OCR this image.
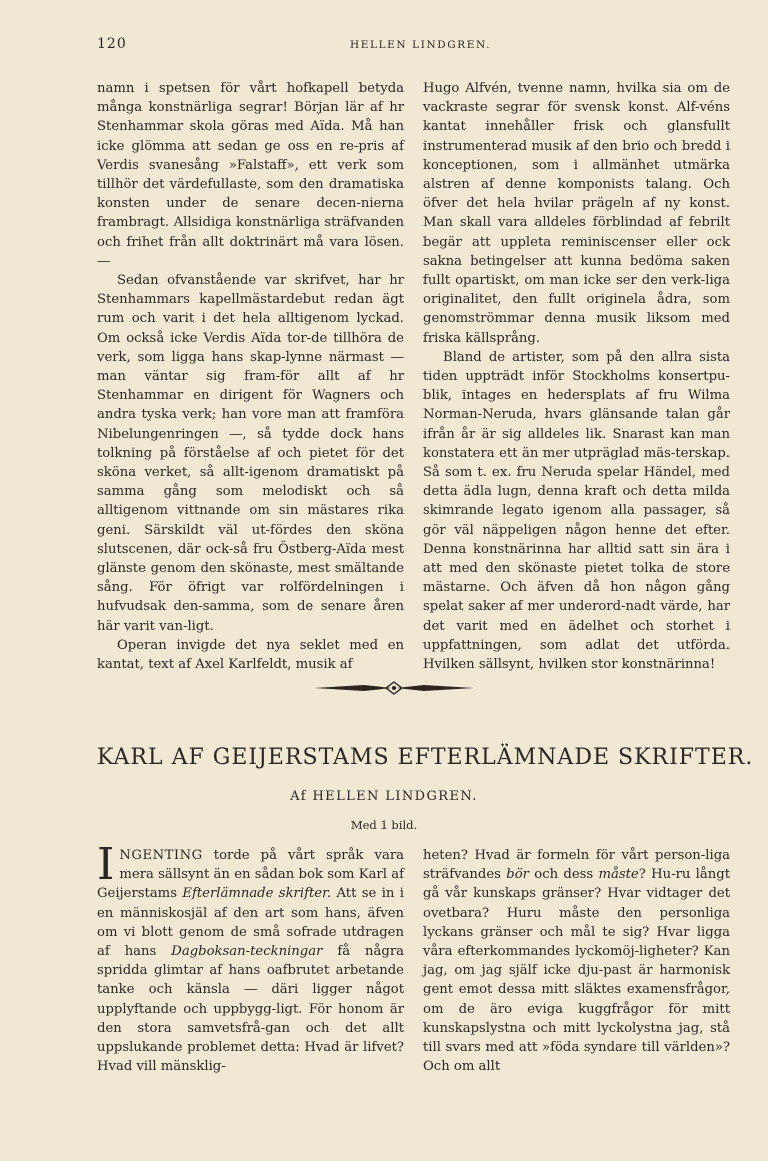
120	HELLEN LINDGREN.

namn i spetsen för vårt hofkapell betyda många konstnärliga segrar! Början lär af hr Stenhammar skola göras med Aïda. Må han icke glömma att sedan ge oss en re-pris af Verdis svanesång »Falstaff», ett verk som tillhör det värdefullaste, som den dramatiska konsten under de senare decen-nierna frambragt. Allsidiga konstnärliga sträfvanden och frihet från allt doktrinärt må vara lösen. —

Sedan ofvanstående var skrifvet, har hr Stenhammars kapellmästardebut redan ägt rum och varit i det hela alltigenom lyckad. Om också icke Verdis Aïda tor-de tillhöra de verk, som ligga hans skap-lynne närmast — man väntar sig fram-för allt af hr Stenhammar en dirigent för Wagners och andra tyska verk; han vore man att framföra Nibelungenringen —, så tydde dock hans tolkning på förståelse af och pietet för det sköna verket, så allt-igenom dramatiskt på samma gång som melodiskt och så alltigenom vittnande om sin mästares rika geni. Särskildt väl ut-fördes den sköna slutscenen, där ock-så fru Östberg-Aïda mest glänste genom den skönaste, mest smältande sång. För öfrigt var rolfördelningen i hufvudsak den-samma, som de senare åren här varit van-ligt.

Operan invigde det nya seklet med en kantat, text af Axel Karlfeldt, musik af

Hugo Alfvén, tvenne namn, hvilka sia om de vackraste segrar för svensk konst. Alf-véns kantat innehåller frisk och glansfullt instrumenterad musik af den brio och bredd i konceptionen, som i allmänhet utmärka alstren af denne komponists talang. Och öfver det hela hvilar prägeln af ny konst. Man skall vara alldeles förblindad af febrilt begär att uppleta reminiscenser eller ock sakna betingelser att kunna bedöma saken fullt opartiskt, om man icke ser den verk-liga originalitet, den fullt originela ådra, som genomströmmar denna musik liksom med friska källsprång.

Bland de artister, som på den allra sista tiden uppträdt inför Stockholms konsertpu-blik, intages en hedersplats af fru Wilma Norman-Neruda, hvars glänsande talan går ifrån år är sig alldeles lik. Snarast kan man konstatera ett än mer utpräglad mäs-terskap. Så som t. ex. fru Neruda spelar Händel, med detta ädla lugn, denna kraft och detta milda skimrande legato igenom alla passager, så gör väl näppeligen någon henne det efter. Denna konstnärinna har alltid satt sin ära i att med den skönaste pietet tolka de store mästarne. Och äfven då hon någon gång spelat saker af mer underord-nadt värde, har det varit med en ädelhet och storhet i uppfattningen, som adlat det utförda. Hvilken sällsynt, hvilken stor konstnärinna!

KARL AF GEIJERSTAMS EFTERLÄMNADE SKRIFTER.
Af HELLEN LINDGREN.
Med 1 bild.

INGENTING torde på vårt språk vara mera sällsynt än en sådan bok som Karl af Geijerstams Efterlämnade skrifter. Att se in i en människosjäl af den art som hans, äfven om vi blott genom de små sofrade utdragen af hans Dagboksan-teckningar få några spridda glimtar af hans oafbrutet arbetande tanke och känsla — däri ligger något upplyftande och uppbygg-ligt. För honom är den stora samvetsfrå-gan och det allt uppslukande problemet detta: Hvad är lifvet? Hvad vill mänsklig-

heten? Hvad är formeln för vårt person-liga sträfvandes bör och dess måste? Hu-ru långt gå vår kunskaps gränser? Hvar vidtager det ovetbara? Huru måste den personliga lyckans gränser och mål te sig? Hvar ligga våra efterkommandes lyckomöj-ligheter? Kan jag, om jag själf icke dju-past är harmonisk gent emot dessa mitt släktes examensfrågor, om de äro eviga kuggfrågor för mitt kunskapslystna och mitt lyckolystna jag, stå till svars med att »föda syndare till världen»? Och om allt
